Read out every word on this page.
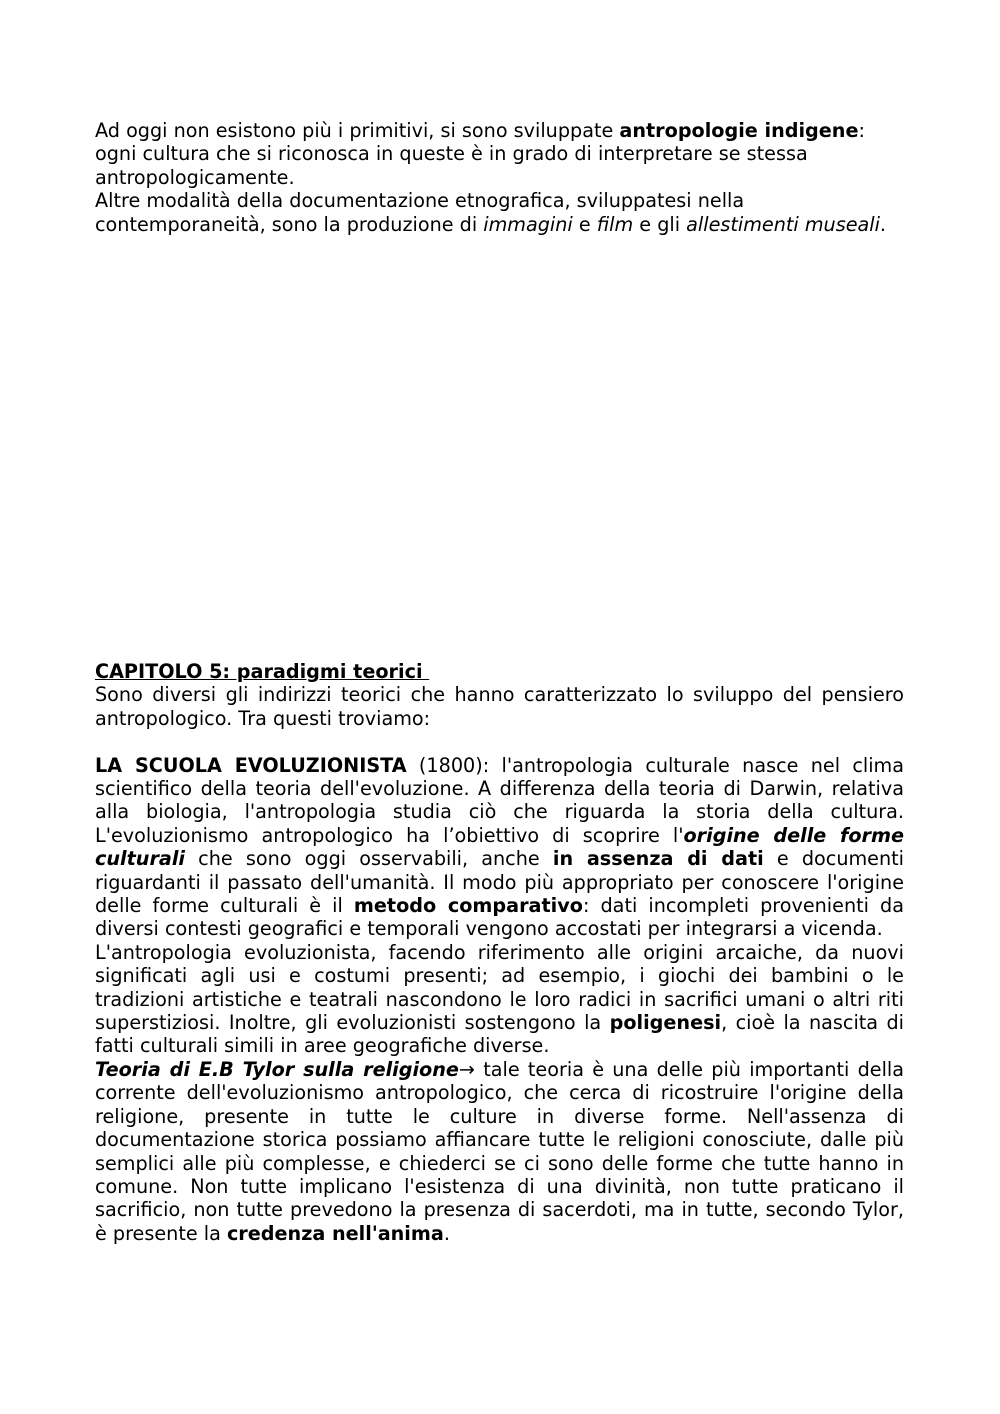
Ad oggi non esistono più i primitivi, si sono sviluppate antropologie indigene: ogni cultura che si riconosca in queste è in grado di interpretare se stessa antropologicamente.

Altre modalità della documentazione etnografica, sviluppatesi nella contemporaneità, sono la produzione di immagini e film e gli allestimenti museali.

CAPITOLO 5: paradigmi teorici

Sono diversi gli indirizzi teorici che hanno caratterizzato lo sviluppo del pensiero antropologico. Tra questi troviamo:

LA SCUOLA EVOLUZIONISTA (1800): l'antropologia culturale nasce nel clima scientifico della teoria dell'evoluzione. A differenza della teoria di Darwin, relativa alla biologia, l'antropologia studia ciò che riguarda la storia della cultura. L'evoluzionismo antropologico ha l’obiettivo di scoprire l'origine delle forme culturali che sono oggi osservabili, anche in assenza di dati e documenti riguardanti il passato dell'umanità. Il modo più appropriato per conoscere l'origine delle forme culturali è il metodo comparativo: dati incompleti provenienti da diversi contesti geografici e temporali vengono accostati per integrarsi a vicenda.

L'antropologia evoluzionista, facendo riferimento alle origini arcaiche, da nuovi significati agli usi e costumi presenti; ad esempio, i giochi dei bambini o le tradizioni artistiche e teatrali nascondono le loro radici in sacrifici umani o altri riti superstiziosi. Inoltre, gli evoluzionisti sostengono la poligenesi, cioè la nascita di fatti culturali simili in aree geografiche diverse.

Teoria di E.B Tylor sulla religione→ tale teoria è una delle più importanti della corrente dell'evoluzionismo antropologico, che cerca di ricostruire l'origine della religione, presente in tutte le culture in diverse forme. Nell'assenza di documentazione storica possiamo affiancare tutte le religioni conosciute, dalle più semplici alle più complesse, e chiederci se ci sono delle forme che tutte hanno in comune. Non tutte implicano l'esistenza di una divinità, non tutte praticano il sacrificio, non tutte prevedono la presenza di sacerdoti, ma in tutte, secondo Tylor, è presente la credenza nell'anima.
